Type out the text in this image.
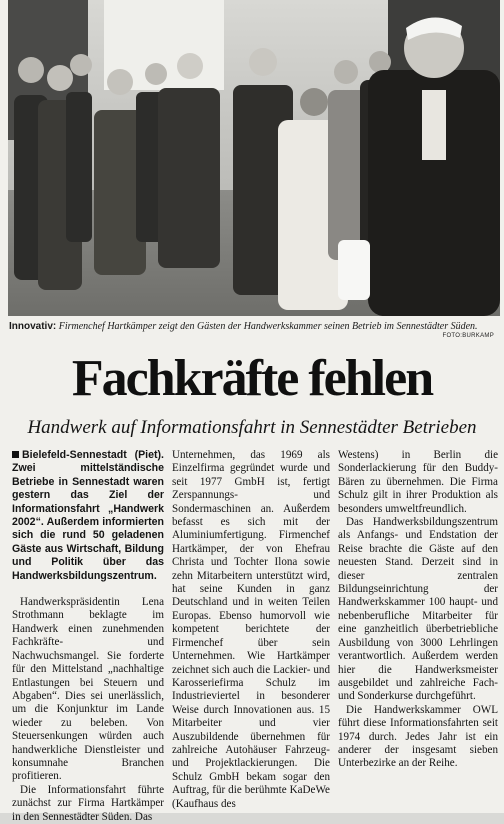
Innovativ: Firmenchef Hartkämper zeigt den Gästen der Handwerkskammer seinen Betrieb im Sennestädter Süden.
FOTO:BURKAMP
Fachkräfte fehlen
Handwerk auf Informationsfahrt in Sennestädter Betrieben

Bielefeld-Sennestadt (Piet). Zwei mittelständische Betriebe in Sennestadt waren gestern das Ziel der Informationsfahrt „Handwerk 2002“. Außerdem informierten sich die rund 50 geladenen Gäste aus Wirtschaft, Bildung und Politik über das Handwerksbildungszentrum.

Handwerkspräsidentin Lena Strothmann beklagte im Handwerk einen zunehmenden Fachkräfte- und Nachwuchsmangel. Sie forderte für den Mittelstand „nachhaltige Entlastungen bei Steuern und Abgaben“. Dies sei unerlässlich, um die Konjunktur im Lande wieder zu beleben. Von Steuersenkungen würden auch handwerkliche Dienstleister und konsumnahe Branchen profitieren.

Die Informationsfahrt führte zunächst zur Firma Hartkämper in den Sennestädter Süden. Das

Unternehmen, das 1969 als Einzelfirma gegründet wurde und seit 1977 GmbH ist, fertigt Zerspannungs- und Sondermaschinen an. Außerdem befasst es sich mit der Aluminiumfertigung. Firmenchef Hartkämper, der von Ehefrau Christa und Tochter Ilona sowie zehn Mitarbeitern unterstützt wird, hat seine Kunden in ganz Deutschland und in weiten Teilen Europas. Ebenso humorvoll wie kompetent berichtete der Firmenchef über sein Unternehmen. Wie Hartkämper zeichnet sich auch die Lackier- und Karosseriefirma Schulz im Industrieviertel in besonderer Weise durch Innovationen aus. 15 Mitarbeiter und vier Auszubildende übernehmen für zahlreiche Autohäuser Fahrzeug- und Projektlackierungen. Die Schulz GmbH bekam sogar den Auftrag, für die berühmte KaDeWe (Kaufhaus des

Westens) in Berlin die Sonderlackierung für den Buddy-Bären zu übernehmen. Die Firma Schulz gilt in ihrer Produktion als besonders umweltfreundlich.

Das Handwerksbildungszentrum als Anfangs- und Endstation der Reise brachte die Gäste auf den neuesten Stand. Derzeit sind in dieser zentralen Bildungseinrichtung der Handwerkskammer 100 haupt- und nebenberufliche Mitarbeiter für eine ganzheitlich überbetriebliche Ausbildung von 3000 Lehrlingen verantwortlich. Außerdem werden hier die Handwerksmeister ausgebildet und zahlreiche Fach- und Sonderkurse durchgeführt.

Die Handwerkskammer OWL führt diese Informationsfahrten seit 1974 durch. Jedes Jahr ist ein anderer der insgesamt sieben Unterbezirke an der Reihe.
